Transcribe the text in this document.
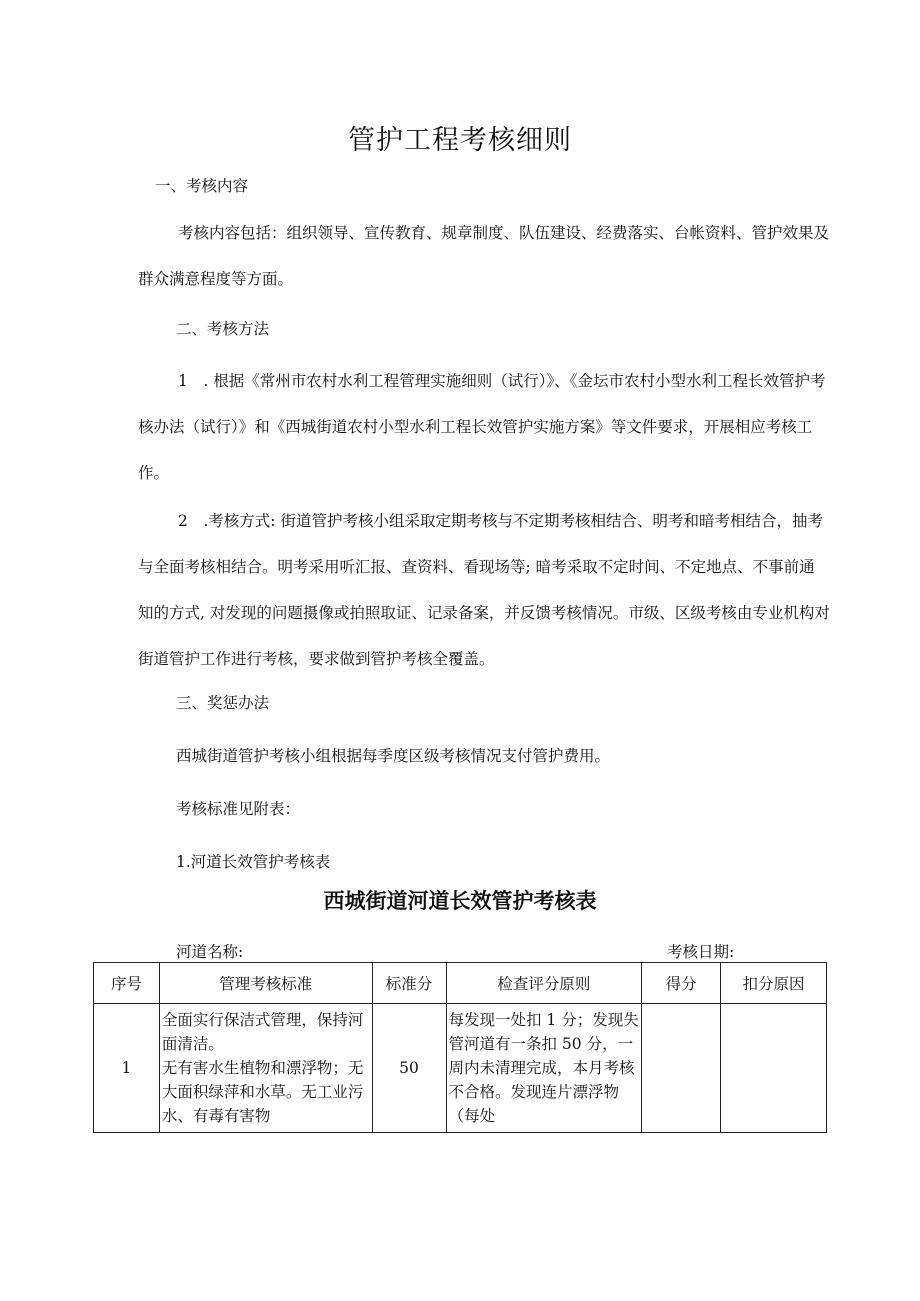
管护工程考核细则
一、考核内容
考核内容包括：组织领导、宣传教育、规章制度、队伍建设、经费落实、台帐资料、管护效果及群众满意程度等方面。
二、考核方法
1　. 根据《常州市农村水利工程管理实施细则（试行）》、《金坛市农村小型水利工程长效管护考核办法（试行）》和《西城街道农村小型水利工程长效管护实施方案》等文件要求，开展相应考核工作。
2　.考核方式: 街道管护考核小组采取定期考核与不定期考核相结合、明考和暗考相结合，抽考与全面考核相结合。明考采用听汇报、查资料、看现场等; 暗考采取不定时间、不定地点、不事前通知的方式, 对发现的问题摄像或拍照取证、记录备案，并反馈考核情况。市级、区级考核由专业机构对街道管护工作进行考核，要求做到管护考核全覆盖。
三、奖惩办法
西城街道管护考核小组根据每季度区级考核情况支付管护费用。
考核标准见附表：
1.河道长效管护考核表
西城街道河道长效管护考核表
河道名称:	考核日期:
序号	管理考核标准	标准分	检查评分原则	得分	扣分原因
1	全面实行保洁式管理，保持河面清洁。
无有害水生植物和漂浮物；无大面积绿萍和水草。无工业污水、有毒有害物	50	每发现一处扣 1 分；发现失管河道有一条扣 50 分，一周内未清理完成，本月考核不合格。发现连片漂浮物（每处		
